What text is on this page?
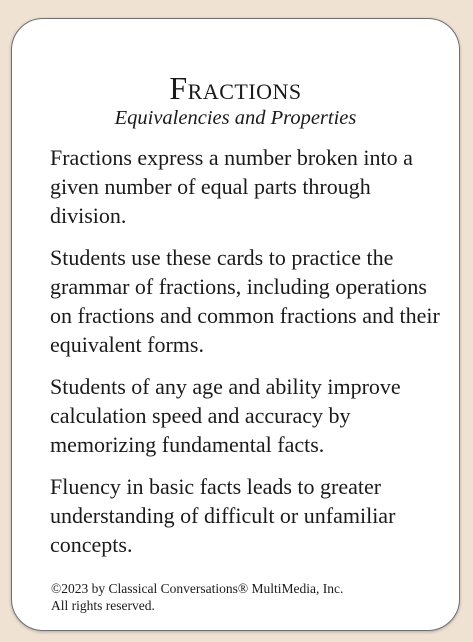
Fractions
Equivalencies and Properties

Fractions express a number broken into a given number of equal parts through division.

Students use these cards to practice the grammar of fractions, including operations on fractions and common fractions and their equivalent forms.

Students of any age and ability improve calculation speed and accuracy by memorizing fundamental facts.

Fluency in basic facts leads to greater understanding of difficult or unfamiliar concepts.

©2023 by Classical Conversations® MultiMedia, Inc.
All rights reserved.
